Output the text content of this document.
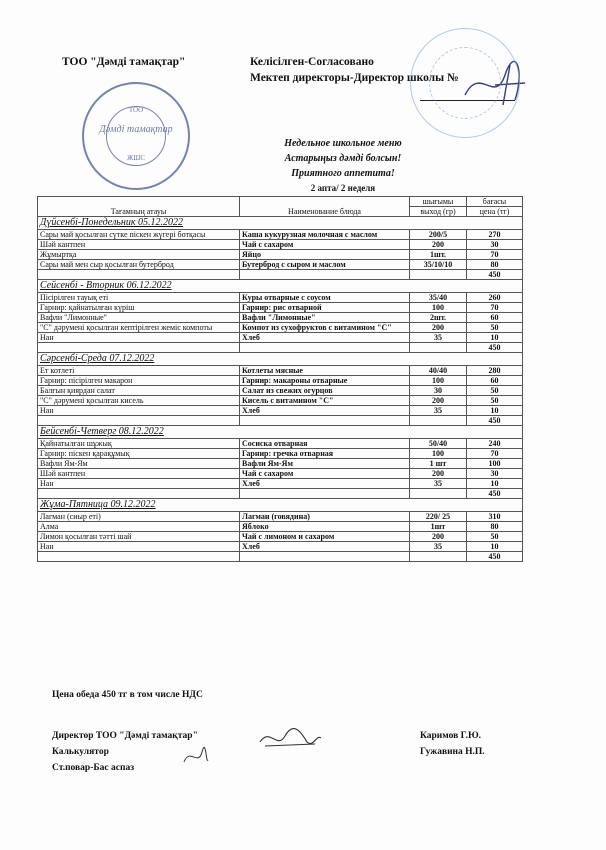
ТОО "Дəмді тамақтар"	Келісілген-Согласовано
Мектеп директоры-Директор школы №
ТОО
Дəмді тамақтар
ЖШС
Недельное школьное меню
Астарыңыз дəмді болсын!
Приятного аппетита!
2 апта/ 2 неделя
Тағамның атауы	Наименование блюда	шығымы	бағасы
		выход (гр)	цена (тг)
Дүйсенбі-Понедельник 05.12.2022			
Сары май қосылған сүтке піскен жүгері ботқасы	Каша кукурузная молочная с маслом	200/5	270
Шәй кантпен	Чай с сахаром	200	30
Жұмыртқа	Яйцо	1шт.	70
Сары май мен сыр қосылған бутерброд	Бутерброд с сыром и маслом	35/10/10	80
			450
Сейсенбі - Вторник 06.12.2022			
Пісірілген тауық еті	Куры отварные с соусом	35/40	260
Гарнир: қайнатылған күріш	Гарнир: рис отварной	100	70
Вафли "Лимонные"	Вафли "Лимонные"	2шт.	60
"С" дәрумені қосылған кептірілген жеміс компоты	Компот из сухофруктов с витамином "С"	200	50
Нан	Хлеб	35	10
			450
Сәрсенбі-Среда 07.12.2022			
Ет котлеті	Котлеты мясные	40/40	280
Гарнир: пісірілген макарон	Гарнир: макароны отварные	100	60
Балғын қиярдан салат	Салат из свежих огурцов	30	50
"С" дәрумені қосылған кисель	Кисель с витамином "С"	200	50
Нан	Хлеб	35	10
			450
Бейсенбі-Четверг 08.12.2022			
Қайнатылған шұжық	Сосиска отварная	50/40	240
Гарнир: піскен қарақұмық	Гарнир: гречка отварная	100	70
Вафли Ям-Ям	Вафли Ям-Ям	1 шт	100
Шәй кантпен	Чай с сахаром	200	30
Нан	Хлеб	35	10
			450
Жұма-Пятница 09.12.2022			
Лагман (сиыр еті)	Лагман (говядина)	220/ 25	310
Алма	Яблоко	1шт	80
Лимон қосылған тәтті шай	Чай с лимоном и сахаром	200	50
Нан	Хлеб	35	10
			450
Цена обеда 450 тг в том числе НДС
Директор ТОО "Дəмді тамақтар"	Каримов Г.Ю.
Калькулятор	Гужавина Н.П.
Ст.повар-Бас аспаз
